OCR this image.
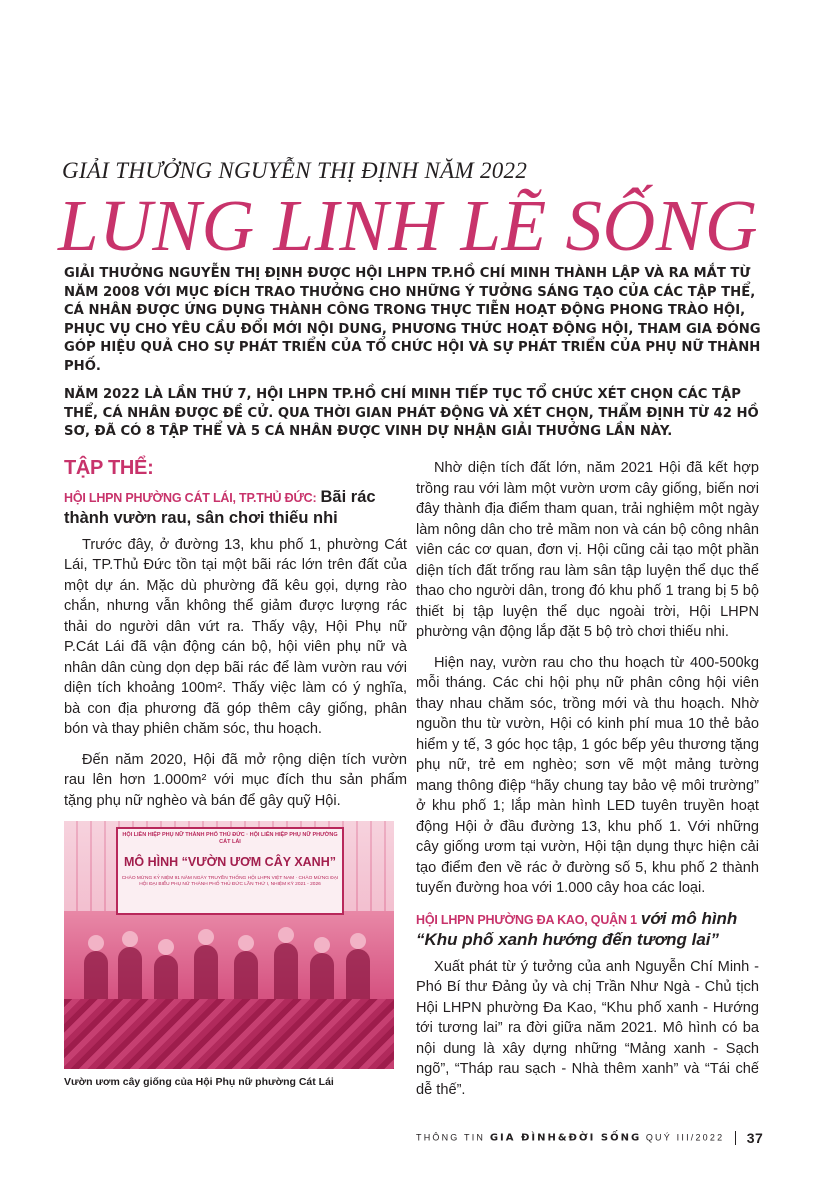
GIẢI THƯỞNG NGUYỄN THỊ ĐỊNH NĂM 2022
LUNG LINH LẼ SỐNG

GIẢI THƯỞNG NGUYỄN THỊ ĐỊNH ĐƯỢC HỘI LHPN TP.HỒ CHÍ MINH THÀNH LẬP VÀ RA MẮT TỪ NĂM 2008 VỚI MỤC ĐÍCH TRAO THƯỞNG CHO NHỮNG Ý TƯỞNG SÁNG TẠO CỦA CÁC TẬP THỂ, CÁ NHÂN ĐƯỢC ỨNG DỤNG THÀNH CÔNG TRONG THỰC TIỄN HOẠT ĐỘNG PHONG TRÀO HỘI, PHỤC VỤ CHO YÊU CẦU ĐỔI MỚI NỘI DUNG, PHƯƠNG THỨC HOẠT ĐỘNG HỘI, THAM GIA ĐÓNG GÓP HIỆU QUẢ CHO SỰ PHÁT TRIỂN CỦA TỔ CHỨC HỘI VÀ SỰ PHÁT TRIỂN CỦA PHỤ NỮ THÀNH PHỐ.

NĂM 2022 LÀ LẦN THỨ 7, HỘI LHPN TP.HỒ CHÍ MINH TIẾP TỤC TỔ CHỨC XÉT CHỌN CÁC TẬP THỂ, CÁ NHÂN ĐƯỢC ĐỀ CỬ. QUA THỜI GIAN PHÁT ĐỘNG VÀ XÉT CHỌN, THẨM ĐỊNH TỪ 42 HỒ SƠ, ĐÃ CÓ 8 TẬP THỂ VÀ 5 CÁ NHÂN ĐƯỢC VINH DỰ NHẬN GIẢI THƯỞNG LẦN NÀY.

TẬP THỂ:
HỘI LHPN PHƯỜNG CÁT LÁI, TP.THỦ ĐỨC: Bãi rác thành vườn rau, sân chơi thiếu nhi

Trước đây, ở đường 13, khu phố 1, phường Cát Lái, TP.Thủ Đức tồn tại một bãi rác lớn trên đất của một dự án. Mặc dù phường đã kêu gọi, dựng rào chắn, nhưng vẫn không thể giảm được lượng rác thải do người dân vứt ra. Thấy vậy, Hội Phụ nữ P.Cát Lái đã vận động cán bộ, hội viên phụ nữ và nhân dân cùng dọn dẹp bãi rác để làm vườn rau với diện tích khoảng 100m². Thấy việc làm có ý nghĩa, bà con địa phương đã góp thêm cây giống, phân bón và thay phiên chăm sóc, thu hoạch.

Đến năm 2020, Hội đã mở rộng diện tích vườn rau lên hơn 1.000m² với mục đích thu sản phẩm tặng phụ nữ nghèo và bán để gây quỹ Hội.

HỘI LIÊN HIỆP PHỤ NỮ THÀNH PHỐ THỦ ĐỨC · HỘI LIÊN HIỆP PHỤ NỮ PHƯỜNG CÁT LÁI
MÔ HÌNH “VƯỜN ƯƠM CÂY XANH”
CHÀO MỪNG KỶ NIỆM 91 NĂM NGÀY TRUYỀN THỐNG HỘI LHPN VIỆT NAM · CHÀO MỪNG ĐẠI HỘI ĐẠI BIỂU PHỤ NỮ THÀNH PHỐ THỦ ĐỨC LẦN THỨ I, NHIỆM KỲ 2021 - 2026
Vườn ươm cây giống của Hội Phụ nữ phường Cát Lái

Nhờ diện tích đất lớn, năm 2021 Hội đã kết hợp trồng rau với làm một vườn ươm cây giống, biến nơi đây thành địa điểm tham quan, trải nghiệm một ngày làm nông dân cho trẻ mầm non và cán bộ công nhân viên các cơ quan, đơn vị. Hội cũng cải tạo một phần diện tích đất trống rau làm sân tập luyện thể dục thể thao cho người dân, trong đó khu phố 1 trang bị 5 bộ thiết bị tập luyện thể dục ngoài trời, Hội LHPN phường vận động lắp đặt 5 bộ trò chơi thiếu nhi.

Hiện nay, vườn rau cho thu hoạch từ 400-500kg mỗi tháng. Các chi hội phụ nữ phân công hội viên thay nhau chăm sóc, trồng mới và thu hoạch. Nhờ nguồn thu từ vườn, Hội có kinh phí mua 10 thẻ bảo hiểm y tế, 3 góc học tập, 1 góc bếp yêu thương tặng phụ nữ, trẻ em nghèo; sơn vẽ một mảng tường mang thông điệp “hãy chung tay bảo vệ môi trường” ở khu phố 1; lắp màn hình LED tuyên truyền hoạt động Hội ở đầu đường 13, khu phố 1. Với những cây giống ươm tại vườn, Hội tận dụng thực hiện cải tạo điểm đen về rác ở đường số 5, khu phố 2 thành tuyến đường hoa với 1.000 cây hoa các loại.

HỘI LHPN PHƯỜNG ĐA KAO, QUẬN 1 với mô hình
“Khu phố xanh hướng đến tương lai”

Xuất phát từ ý tưởng của anh Nguyễn Chí Minh - Phó Bí thư Đảng ủy và chị Trần Như Ngà - Chủ tịch Hội LHPN phường Đa Kao, “Khu phố xanh - Hướng tới tương lai” ra đời giữa năm 2021. Mô hình có ba nội dung là xây dựng những “Mảng xanh - Sạch ngõ”, “Tháp rau sạch - Nhà thêm xanh” và “Tái chế dễ thế”.

THÔNG TIN GIA ĐÌNH&ĐỜI SỐNG QUÝ III/2022 37
